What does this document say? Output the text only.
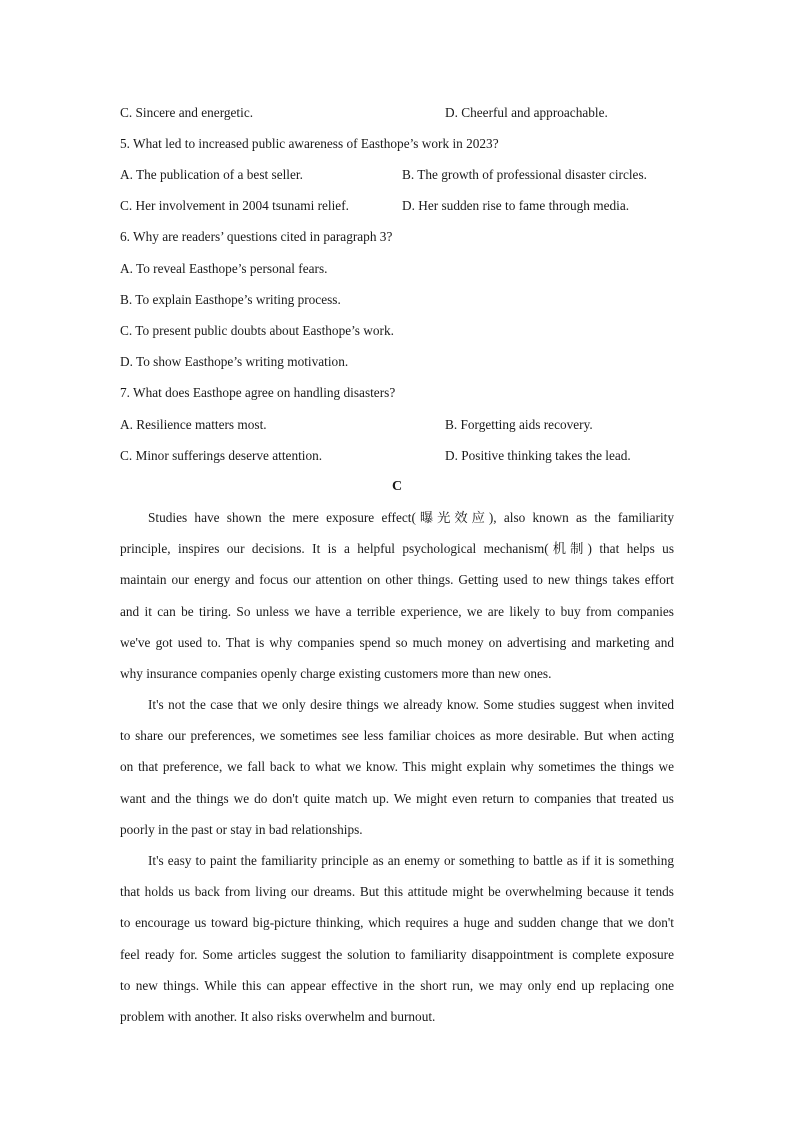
C. Sincere and energetic.	D. Cheerful and approachable.
5. What led to increased public awareness of Easthope’s work in 2023?
A. The publication of a best seller.	B. The growth of professional disaster circles.
C. Her involvement in 2004 tsunami relief.	D. Her sudden rise to fame through media.
6. Why are readers’ questions cited in paragraph 3?
A. To reveal Easthope’s personal fears.
B. To explain Easthope’s writing process.
C. To present public doubts about Easthope’s work.
D. To show Easthope’s writing motivation.
7. What does Easthope agree on handling disasters?
A. Resilience matters most.	B. Forgetting aids recovery.
C. Minor sufferings deserve attention.	D. Positive thinking takes the lead.
C
Studies have shown the mere exposure effect(曝光效应), also known as the familiarity
principle, inspires our decisions. It is a helpful psychological mechanism(机制) that helps us
maintain our energy and focus our attention on other things. Getting used to new things takes effort
and it can be tiring. So unless we have a terrible experience, we are likely to buy from companies
we've got used to. That is why companies spend so much money on advertising and marketing and
why insurance companies openly charge existing customers more than new ones.
It's not the case that we only desire things we already know. Some studies suggest when invited
to share our preferences, we sometimes see less familiar choices as more desirable. But when acting
on that preference, we fall back to what we know. This might explain why sometimes the things we
want and the things we do don't quite match up. We might even return to companies that treated us
poorly in the past or stay in bad relationships.
It's easy to paint the familiarity principle as an enemy or something to battle as if it is something
that holds us back from living our dreams. But this attitude might be overwhelming because it tends
to encourage us toward big-picture thinking, which requires a huge and sudden change that we don't
feel ready for. Some articles suggest the solution to familiarity disappointment is complete exposure
to new things. While this can appear effective in the short run, we may only end up replacing one
problem with another. It also risks overwhelm and burnout.
